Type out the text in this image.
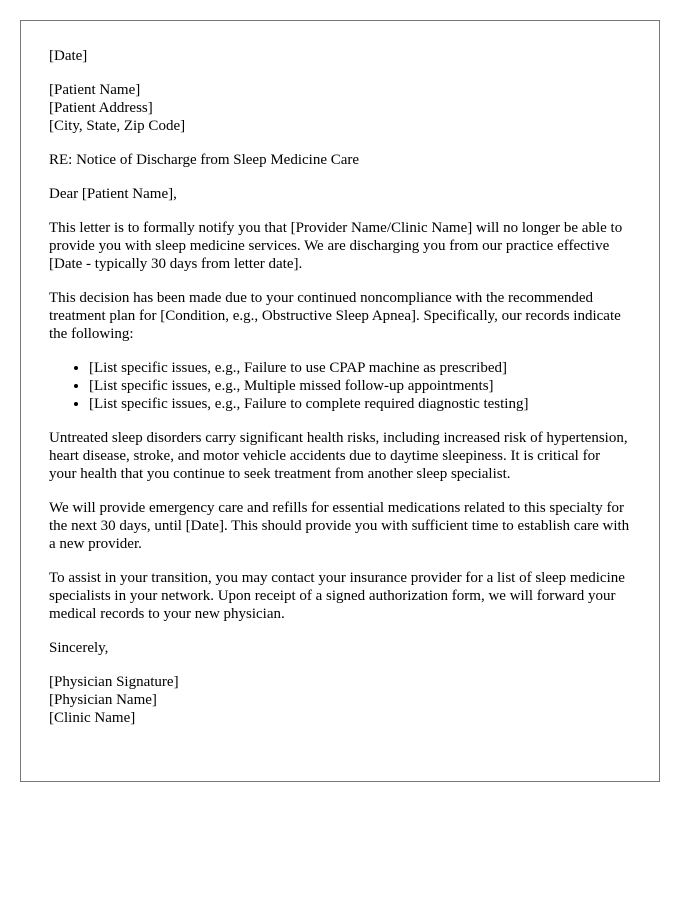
[Date]
[Patient Name]
[Patient Address]
[City, State, Zip Code]

RE: Notice of Discharge from Sleep Medicine Care

Dear [Patient Name],

This letter is to formally notify you that [Provider Name/Clinic Name] will no longer be able to provide you with sleep medicine services. We are discharging you from our practice effective [Date - typically 30 days from letter date].

This decision has been made due to your continued noncompliance with the recommended treatment plan for [Condition, e.g., Obstructive Sleep Apnea]. Specifically, our records indicate the following:

• [List specific issues, e.g., Failure to use CPAP machine as prescribed]
• [List specific issues, e.g., Multiple missed follow-up appointments]
• [List specific issues, e.g., Failure to complete required diagnostic testing]

Untreated sleep disorders carry significant health risks, including increased risk of hypertension, heart disease, stroke, and motor vehicle accidents due to daytime sleepiness. It is critical for your health that you continue to seek treatment from another sleep specialist.

We will provide emergency care and refills for essential medications related to this specialty for the next 30 days, until [Date]. This should provide you with sufficient time to establish care with a new provider.

To assist in your transition, you may contact your insurance provider for a list of sleep medicine specialists in your network. Upon receipt of a signed authorization form, we will forward your medical records to your new physician.

Sincerely,

[Physician Signature]
[Physician Name]
[Clinic Name]
